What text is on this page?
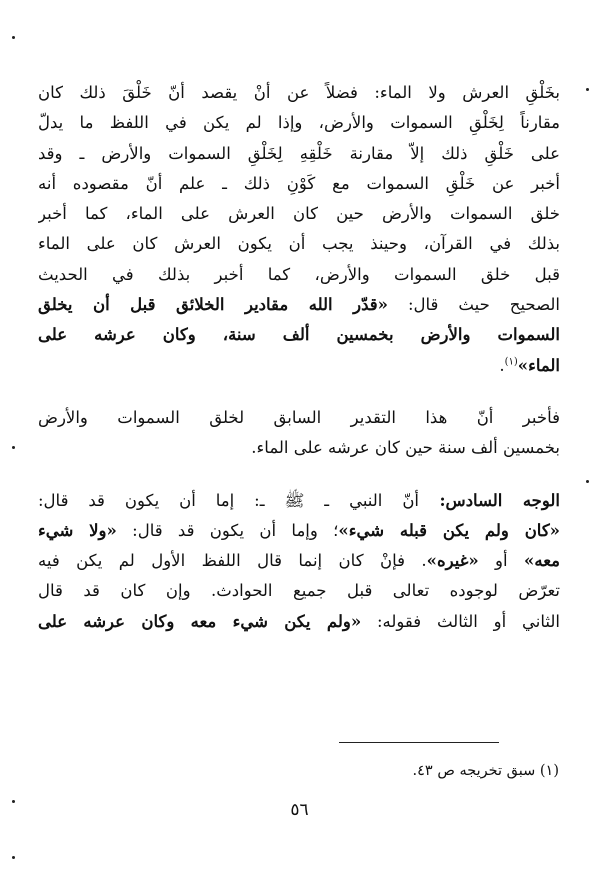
بخَلْقِ العرش ولا الماء: فضلاً عن أنْ يقصد أنّ خَلْقَ ذلك كان
مقارناً لِخَلْقِ السموات والأرض، وإذا لم يكن في اللفظ ما يدلّ
على خَلْقِ ذلك إلاّ مقارنة خَلْقِهِ لِخَلْقِ السموات والأرض ـ وقد
أخبر عن خَلْقِ السموات مع كَوْنِ ذلك ـ علم أنّ مقصوده أنه
خلق السموات والأرض حين كان العرش على الماء، كما أخبر
بذلك في القرآن، وحينذ يجب أن يكون العرش كان على الماء
قبل خلق السموات والأرض، كما أخبر بذلك في الحديث
الصحيح حيث قال: «قدّر الله مقادير الخلائق قبل أن يخلق
السموات والأرض بخمسين ألف سنة، وكان عرشه على
الماء»$^{(١)}$.
فأخبر أنّ هذا التقدير السابق لخلق السموات والأرض
بخمسين ألف سنة حين كان عرشه على الماء.
الوجه السادس: أنّ النبي ـ ﷺ ـ: إما أن يكون قد قال:
«كان ولم يكن قبله شيء»؛ وإما أن يكون قد قال: «ولا شيء
معه» أو «غيره». فإنْ كان إنما قال اللفظ الأول لم يكن فيه
تعرّض لوجوده تعالى قبل جميع الحوادث. وإن كان قد قال
الثاني أو الثالث فقوله: «ولم يكن شيء معه وكان عرشه على
(١) سبق تخريجه ص ٤٣.
٥٦
